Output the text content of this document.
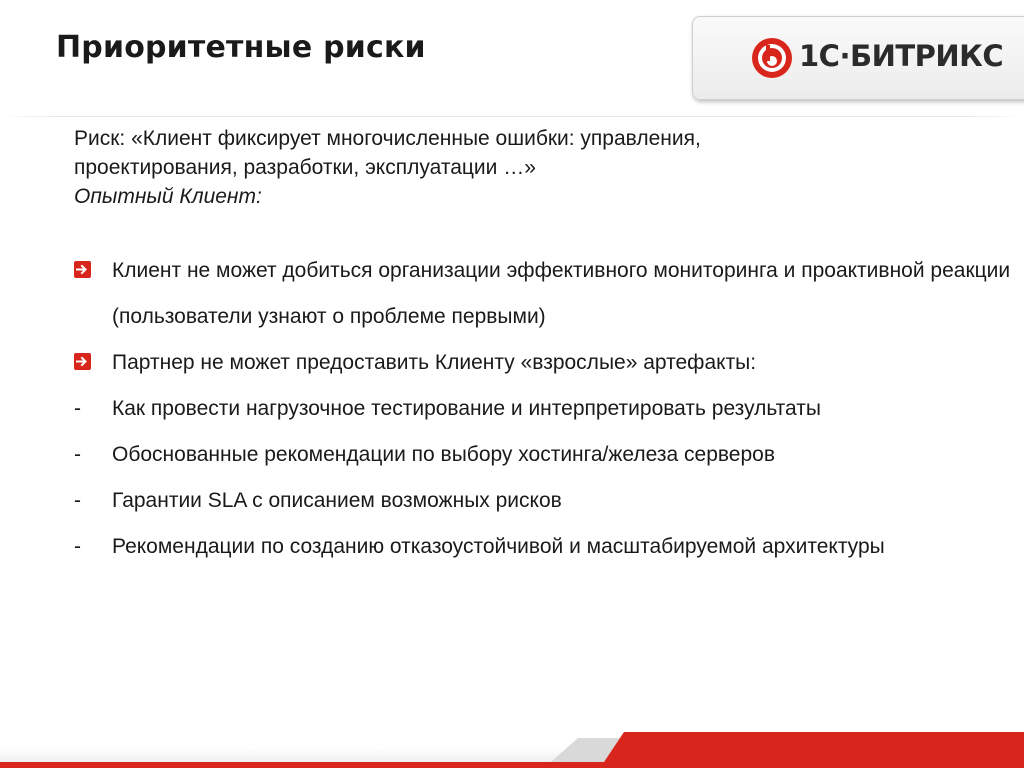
Приоритетные риски	1С·БИТРИКС

Риск: «Клиент фиксирует многочисленные ошибки: управления,

проектирования, разработки, эксплуатации …»

Опытный Клиент:

Клиент не может добиться организации эффективного мониторинга и проактивной реакции (пользователи узнают о проблеме первыми)
Партнер не может предоставить Клиенту «взрослые» артефакты:
-	Как провести нагрузочное тестирование и интерпретировать результаты
-	Обоснованные рекомендации по выбору хостинга/железа серверов
-	Гарантии SLA с описанием возможных рисков
-	Рекомендации по созданию отказоустойчивой и масштабируемой архитектуры
